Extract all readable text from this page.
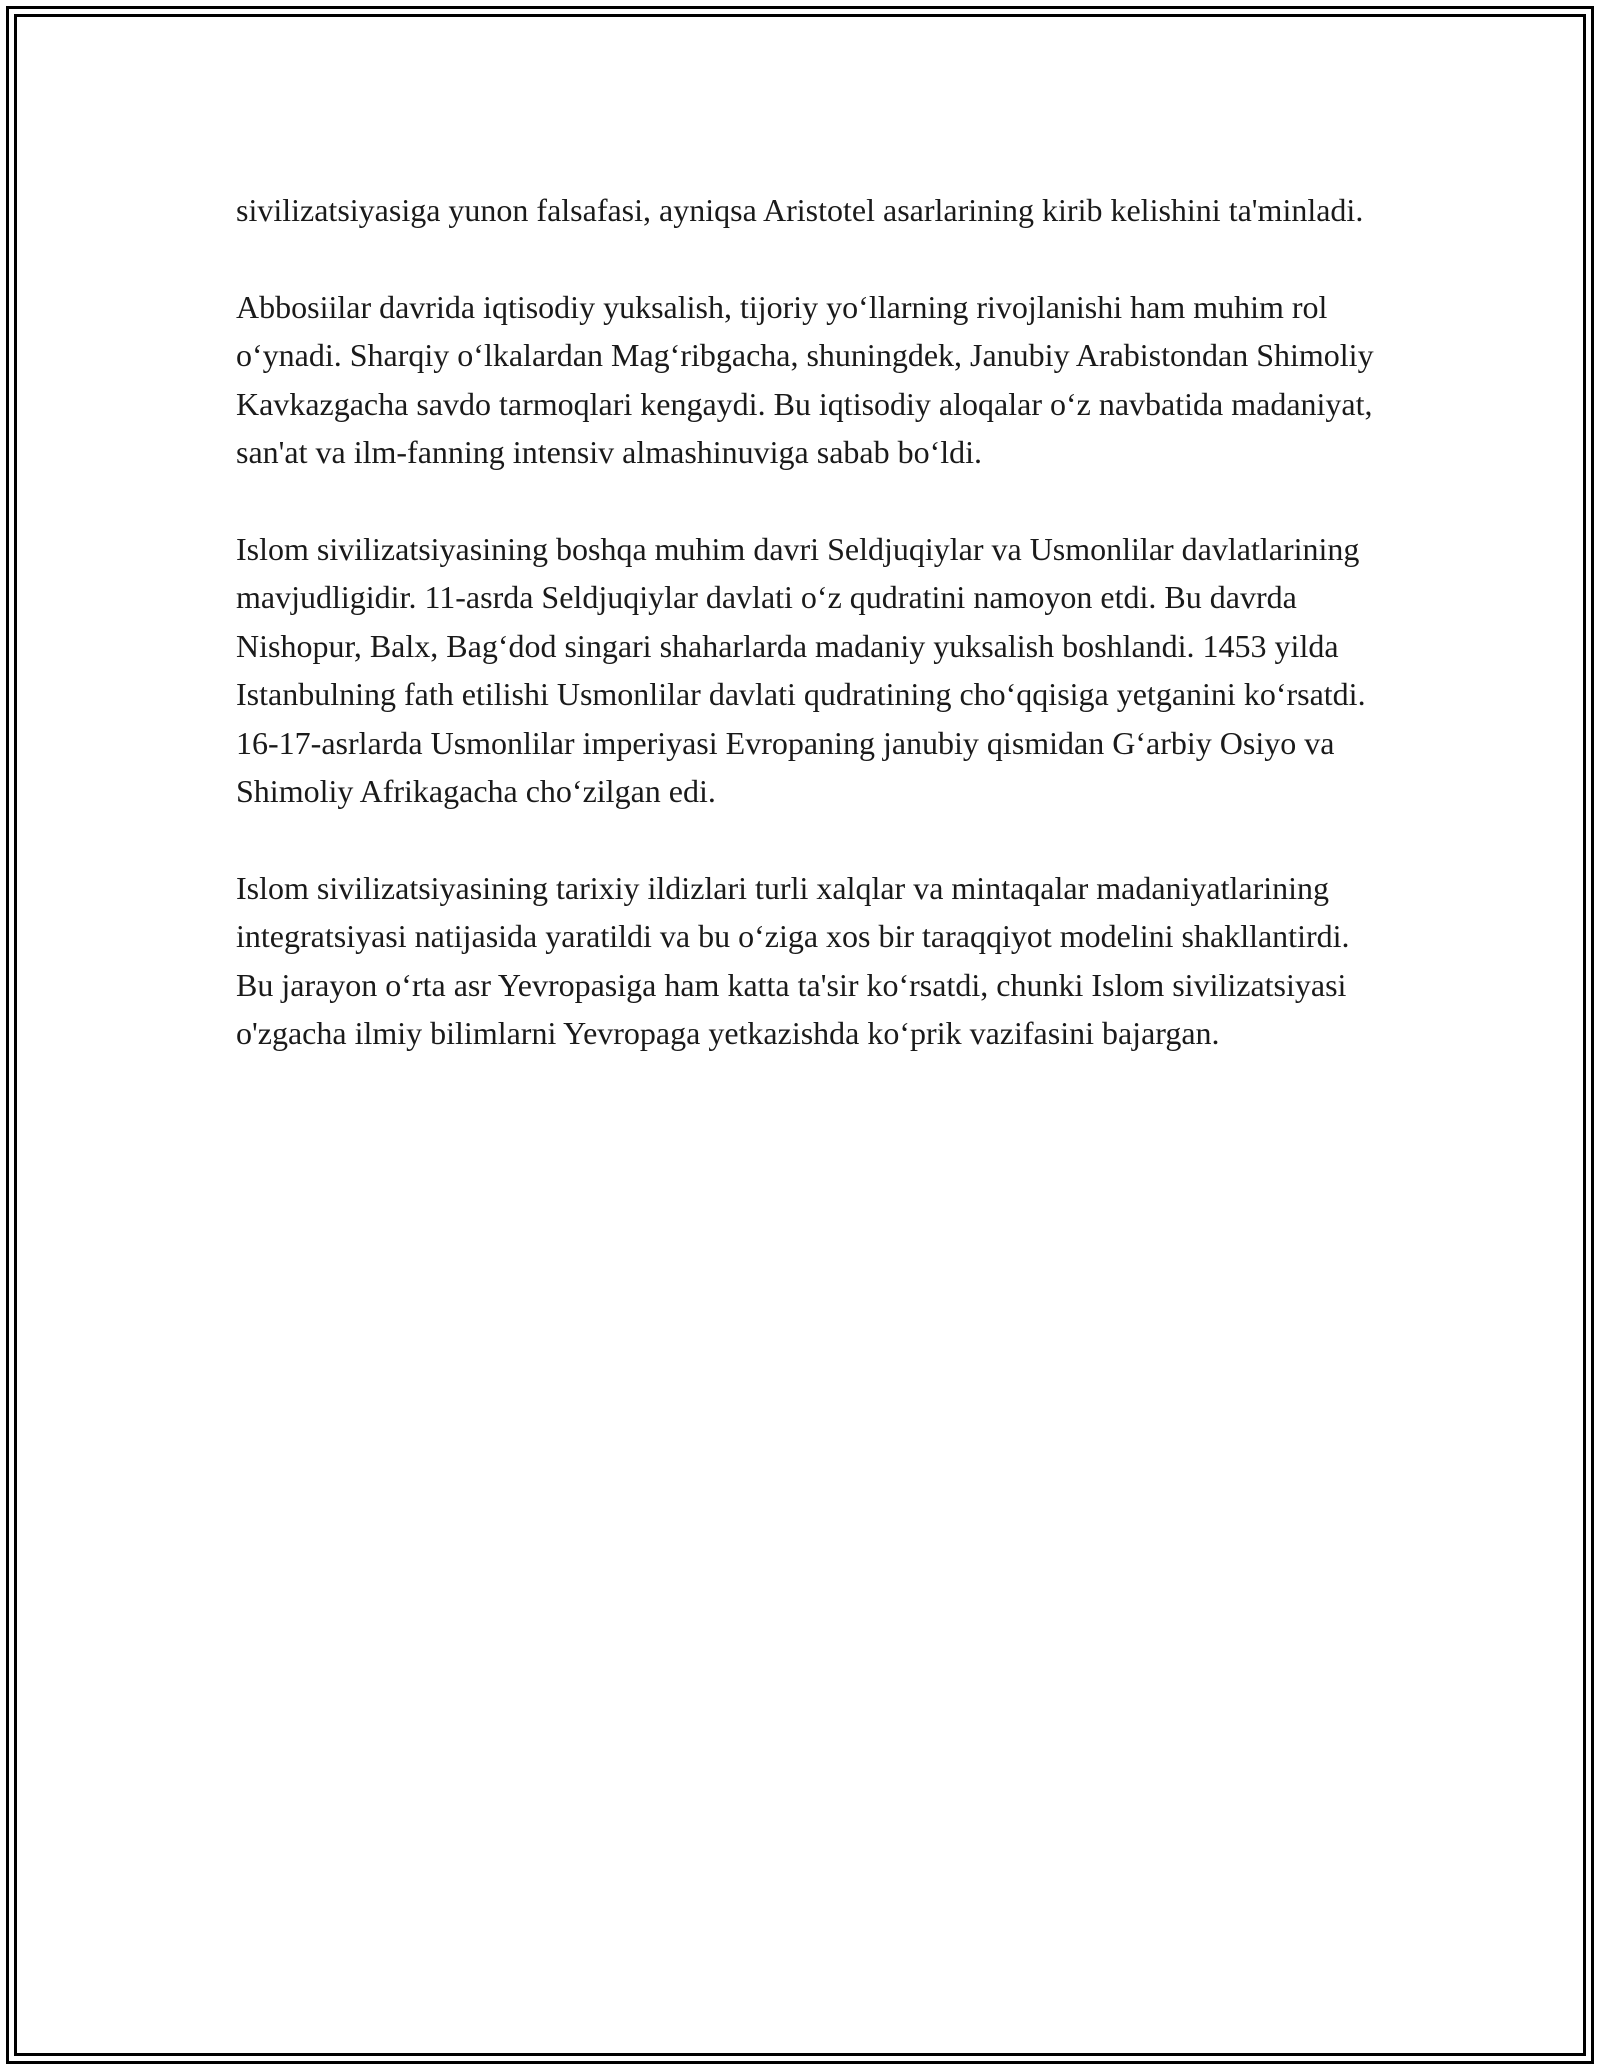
sivilizatsiyasiga yunon falsafasi, ayniqsa Aristotel asarlarining kirib kelishini ta'minladi.

Abbosiilar davrida iqtisodiy yuksalish, tijoriy yo‘llarning rivojlanishi ham muhim rol o‘ynadi. Sharqiy o‘lkalardan Mag‘ribgacha, shuningdek, Janubiy Arabistondan Shimoliy Kavkazgacha savdo tarmoqlari kengaydi. Bu iqtisodiy aloqalar o‘z navbatida madaniyat, san'at va ilm-fanning intensiv almashinuviga sabab bo‘ldi.

Islom sivilizatsiyasining boshqa muhim davri Seldjuqiylar va Usmonlilar davlatlarining mavjudligidir. 11-asrda Seldjuqiylar davlati o‘z qudratini namoyon etdi. Bu davrda Nishopur, Balx, Bag‘dod singari shaharlarda madaniy yuksalish boshlandi. 1453 yilda Istanbulning fath etilishi Usmonlilar davlati qudratining cho‘qqisiga yetganini ko‘rsatdi. 16-17-asrlarda Usmonlilar imperiyasi Evropaning janubiy qismidan G‘arbiy Osiyo va Shimoliy Afrikagacha cho‘zilgan edi.

Islom sivilizatsiyasining tarixiy ildizlari turli xalqlar va mintaqalar madaniyatlarining integratsiyasi natijasida yaratildi va bu o‘ziga xos bir taraqqiyot modelini shakllantirdi. Bu jarayon o‘rta asr Yevropasiga ham katta ta'sir ko‘rsatdi, chunki Islom sivilizatsiyasi o'zgacha ilmiy bilimlarni Yevropaga yetkazishda ko‘prik vazifasini bajargan.
